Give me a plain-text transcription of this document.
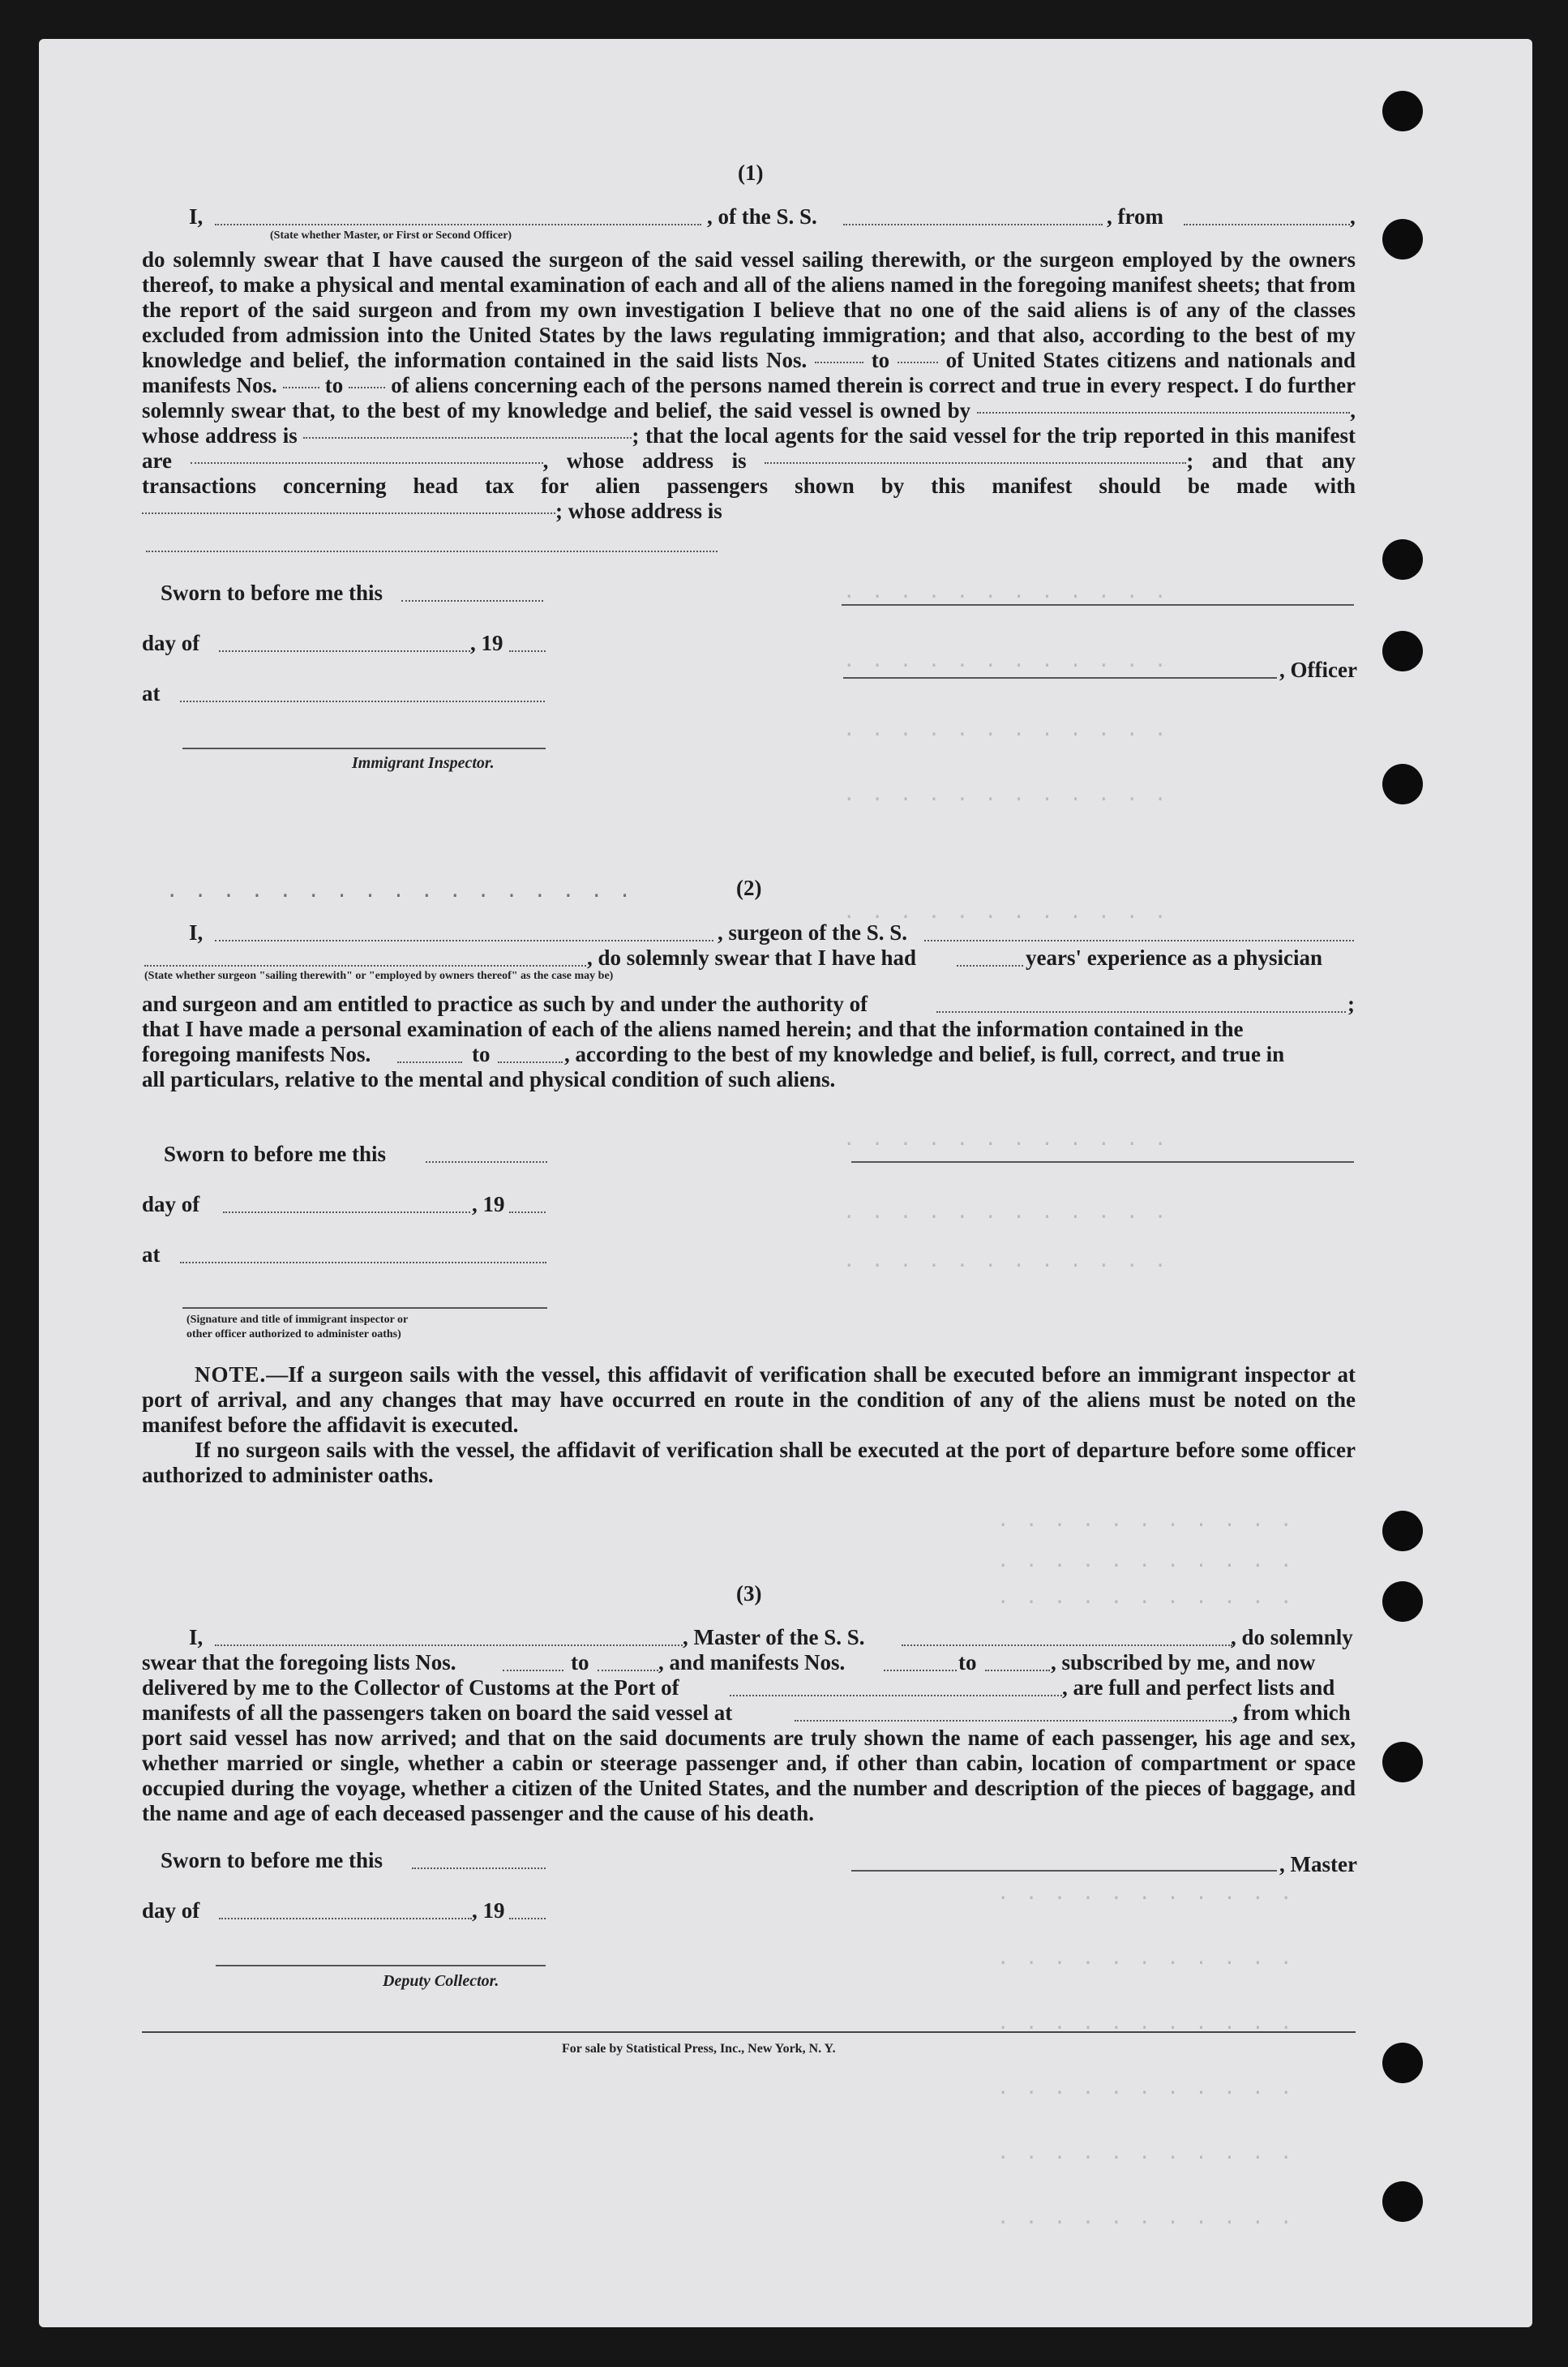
. . . . . . . . . . . .
. . . . . . . . . . . .
. . . . . . . . . . . .
. . . . . . . . . . . .
. . . . . . . . . . . .
. . . . . . . . . . . .
. . . . . . . . . . . .
. . . . . . . . . . . .
. . . . . . . . . . .
. . . . . . . . . . .
. . . . . . . . . . .
. . . . . . . . . . .
. . . . . . . . . . .
. . . . . . . . . . .
. . . . . . . . . . .
. . . . . . . . . . .
. . . . . . . . . . .
(1)
I,	, of the S. S.	, from	,
(State whether Master, or First or Second Officer)
do solemnly swear that I have caused the surgeon of the said vessel sailing therewith, or the surgeon employed by the owners thereof, to make a physical and mental examination of each and all of the aliens named in the foregoing manifest sheets; that from the report of the said surgeon and from my own investigation I believe that no one of the said aliens is of any of the classes excluded from admission into the United States by the laws regulating immigration; and that also, according to the best of my knowledge and belief, the information contained in the said lists Nos.	to	of United States citizens and nationals and manifests Nos. to of aliens concerning each of the persons named therein is correct and true in every respect. I do further solemnly swear that, to the best of my knowledge and belief, the said vessel is owned by	, whose address is	; that the local agents for the said vessel for the trip reported in this manifest are	, whose address is	; and that any transactions concerning head tax for alien passengers shown by this manifest should be made with ; whose address is
Sworn to before me this
day of	, 19
, Officer
at
Immigrant Inspector.
(2)
. . . . . . . . . . . . . . . . .
I,	, surgeon of the S. S.
, do solemnly swear that I have had	years' experience as a physician
(State whether surgeon "sailing therewith" or "employed by owners thereof" as the case may be)
and surgeon and am entitled to practice as such by and under the authority of	;
that I have made a personal examination of each of the aliens named herein; and that the information contained in the
foregoing manifests Nos.	to	, according to the best of my knowledge and belief, is full, correct, and true in
all particulars, relative to the mental and physical condition of such aliens.
Sworn to before me this
day of	, 19
at
(Signature and title of immigrant inspector or
other officer authorized to administer oaths)
NOTE.—If a surgeon sails with the vessel, this affidavit of verification shall be executed before an immigrant inspector at port of arrival, and any changes that may have occurred en route in the condition of any of the aliens must be noted on the manifest before the affidavit is executed.
If no surgeon sails with the vessel, the affidavit of verification shall be executed at the port of departure before some officer authorized to administer oaths.
(3)
I,	, Master of the S. S.	, do solemnly
swear that the foregoing lists Nos.	to	, and manifests Nos.	to	, subscribed by me, and now
delivered by me to the Collector of Customs at the Port of	, are full and perfect lists and
manifests of all the passengers taken on board the said vessel at	, from which
port said vessel has now arrived; and that on the said documents are truly shown the name of each passenger, his age and sex, whether married or single, whether a cabin or steerage passenger and, if other than cabin, location of compartment or space occupied during the voyage, whether a citizen of the United States, and the number and description of the pieces of baggage, and the name and age of each deceased passenger and the cause of his death.
Sworn to before me this	, Master
day of	, 19
Deputy Collector.
For sale by Statistical Press, Inc., New York, N. Y.
